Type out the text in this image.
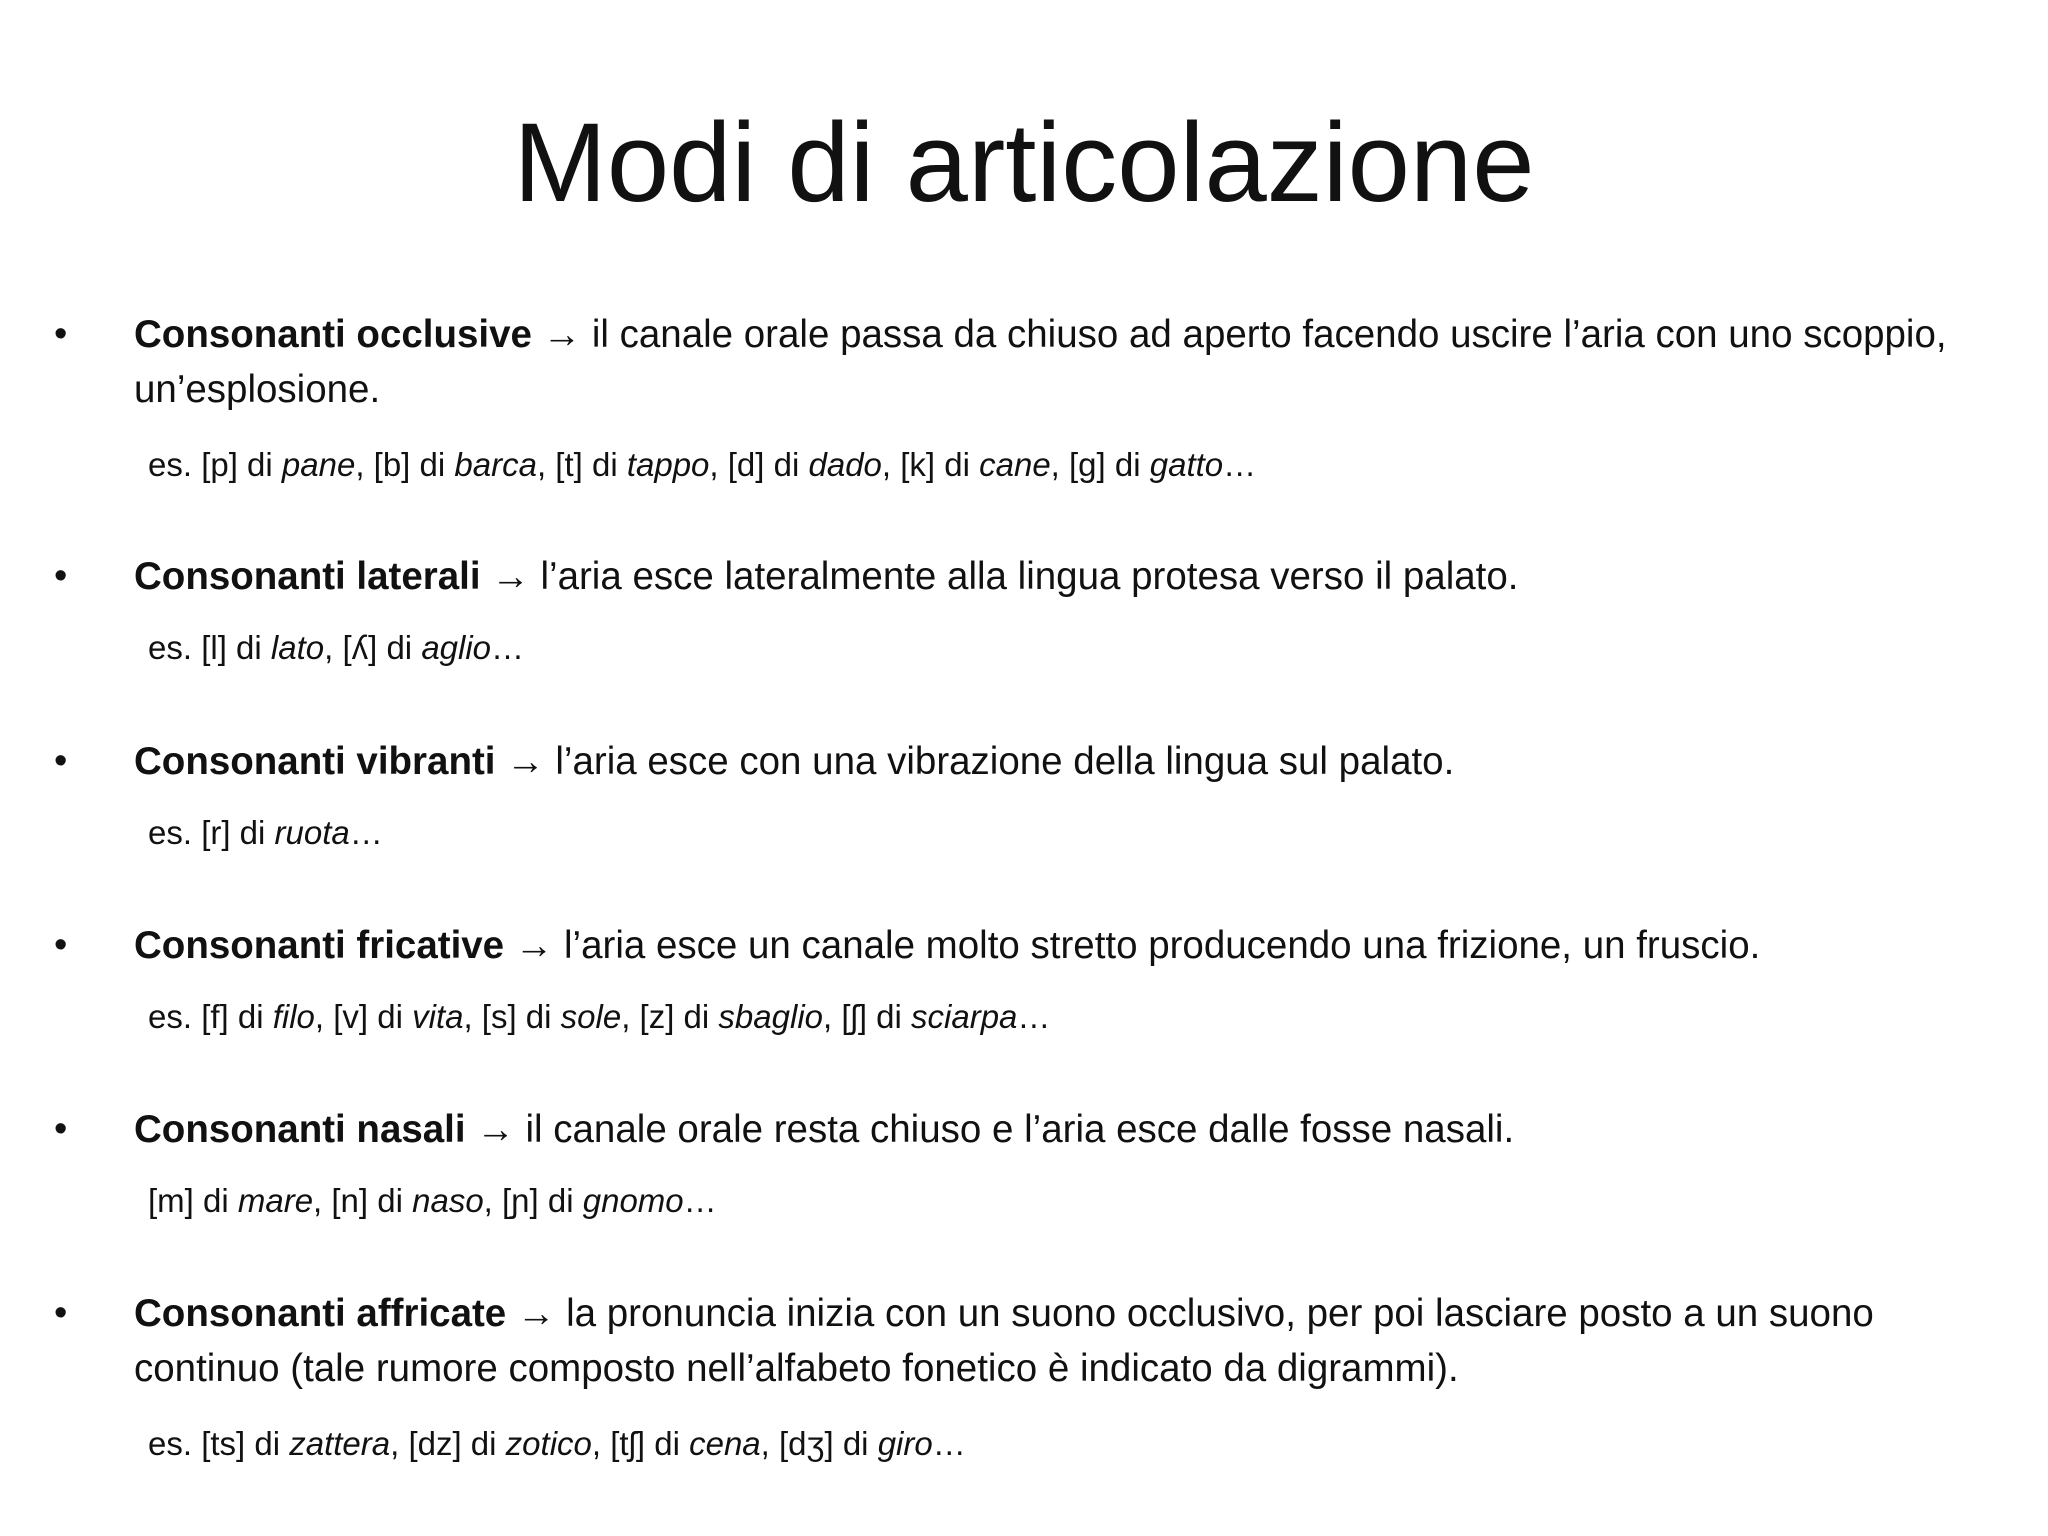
Modi di articolazione
• Consonanti occlusive → il canale orale passa da chiuso ad aperto facendo uscire l’aria con uno scoppio, un’esplosione.
es. [p] di pane, [b] di barca, [t] di tappo, [d] di dado, [k] di cane, [g] di gatto…
• Consonanti laterali → l’aria esce lateralmente alla lingua protesa verso il palato.
es. [l] di lato, [ʎ] di aglio…
• Consonanti vibranti → l’aria esce con una vibrazione della lingua sul palato.
es. [r] di ruota…
• Consonanti fricative → l’aria esce un canale molto stretto producendo una frizione, un fruscio.
es. [f] di filo, [v] di vita, [s] di sole, [z] di sbaglio, [ʃ] di sciarpa…
• Consonanti nasali → il canale orale resta chiuso e l’aria esce dalle fosse nasali.
[m] di mare, [n] di naso, [ɲ] di gnomo…
• Consonanti affricate → la pronuncia inizia con un suono occlusivo, per poi lasciare posto a un suono continuo (tale rumore composto nell’alfabeto fonetico è indicato da digrammi).
es. [ts] di zattera, [dz] di zotico, [tʃ] di cena, [dʒ] di giro…
